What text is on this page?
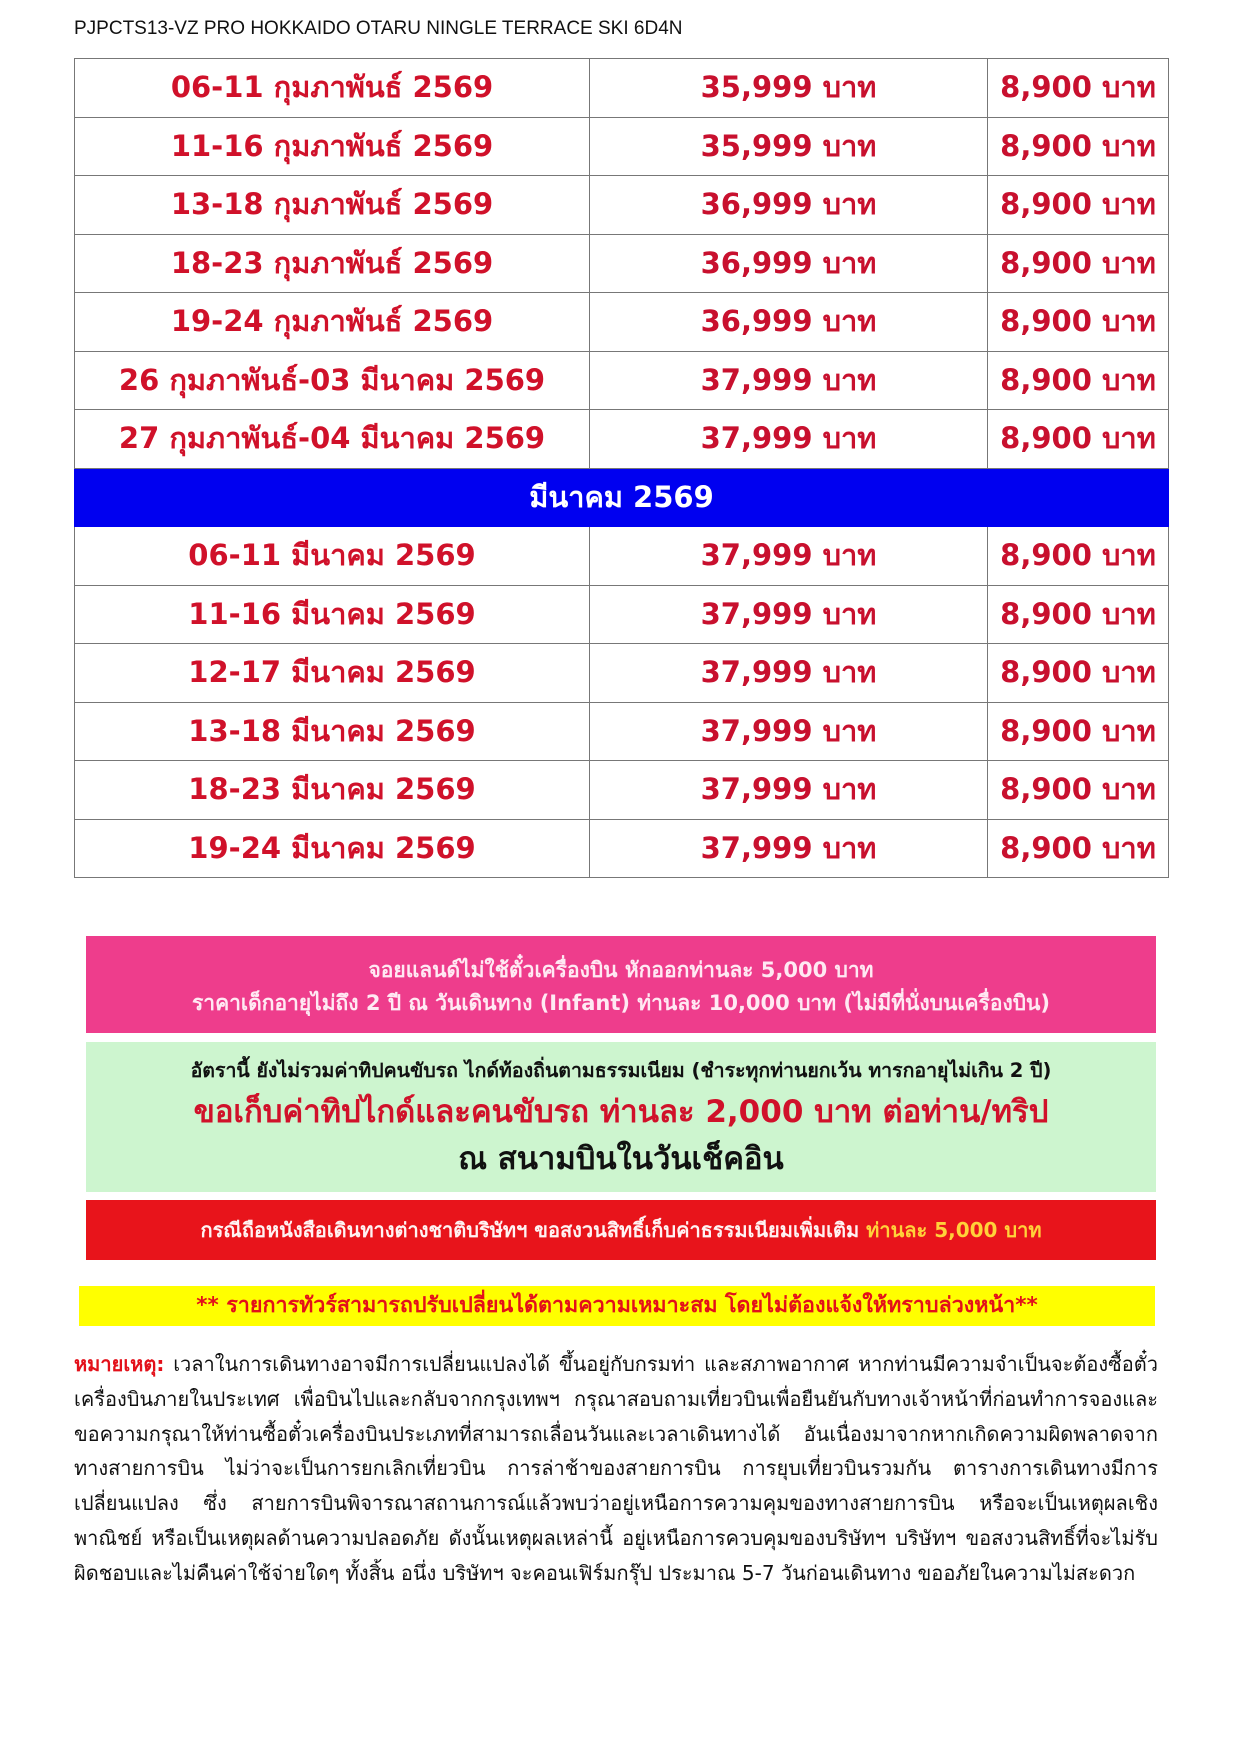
PJPCTS13-VZ PRO HOKKAIDO OTARU NINGLE TERRACE SKI 6D4N
06-11 กุมภาพันธ์ 2569	35,999 บาท	8,900 บาท
11-16 กุมภาพันธ์ 2569	35,999 บาท	8,900 บาท
13-18 กุมภาพันธ์ 2569	36,999 บาท	8,900 บาท
18-23 กุมภาพันธ์ 2569	36,999 บาท	8,900 บาท
19-24 กุมภาพันธ์ 2569	36,999 บาท	8,900 บาท
26 กุมภาพันธ์-03 มีนาคม 2569	37,999 บาท	8,900 บาท
27 กุมภาพันธ์-04 มีนาคม 2569	37,999 บาท	8,900 บาท
มีนาคม 2569		
06-11 มีนาคม 2569	37,999 บาท	8,900 บาท
11-16 มีนาคม 2569	37,999 บาท	8,900 บาท
12-17 มีนาคม 2569	37,999 บาท	8,900 บาท
13-18 มีนาคม 2569	37,999 บาท	8,900 บาท
18-23 มีนาคม 2569	37,999 บาท	8,900 บาท
19-24 มีนาคม 2569	37,999 บาท	8,900 บาท
จอยแลนด์ไม่ใช้ตั๋วเครื่องบิน หักออกท่านละ 5,000 บาท
ราคาเด็กอายุไม่ถึง 2 ปี ณ วันเดินทาง (Infant) ท่านละ 10,000 บาท (ไม่มีที่นั่งบนเครื่องบิน)
อัตรานี้ ยังไม่รวมค่าทิปคนขับรถ ไกด์ท้องถิ่นตามธรรมเนียม (ชำระทุกท่านยกเว้น ทารกอายุไม่เกิน 2 ปี)
ขอเก็บค่าทิปไกด์และคนขับรถ ท่านละ 2,000 บาท ต่อท่าน/ทริป
ณ สนามบินในวันเช็คอิน
กรณีถือหนังสือเดินทางต่างชาติบริษัทฯ ขอสงวนสิทธิ์เก็บค่าธรรมเนียมเพิ่มเติม ท่านละ 5,000 บาท
** รายการทัวร์สามารถปรับเปลี่ยนได้ตามความเหมาะสม โดยไม่ต้องแจ้งให้ทราบล่วงหน้า**
หมายเหตุ: เวลาในการเดินทางอาจมีการเปลี่ยนแปลงได้ ขึ้นอยู่กับกรมท่า และสภาพอากาศ หากท่านมีความจำเป็นจะต้องซื้อตั๋วเครื่องบินภายในประเทศ เพื่อบินไปและกลับจากกรุงเทพฯ กรุณาสอบถามเที่ยวบินเพื่อยืนยันกับทางเจ้าหน้าที่ก่อนทำการจองและขอความกรุณาให้ท่านซื้อตั๋วเครื่องบินประเภทที่สามารถเลื่อนวันและเวลาเดินทางได้ อันเนื่องมาจากหากเกิดความผิดพลาดจากทางสายการบิน ไม่ว่าจะเป็นการยกเลิกเที่ยวบิน การล่าช้าของสายการบิน การยุบเที่ยวบินรวมกัน ตารางการเดินทางมีการเปลี่ยนแปลง ซึ่ง สายการบินพิจารณาสถานการณ์แล้วพบว่าอยู่เหนือการความคุมของทางสายการบิน หรือจะเป็นเหตุผลเชิงพาณิชย์ หรือเป็นเหตุผลด้านความปลอดภัย ดังนั้นเหตุผลเหล่านี้ อยู่เหนือการควบคุมของบริษัทฯ บริษัทฯ ขอสงวนสิทธิ์ที่จะไม่รับผิดชอบและไม่คืนค่าใช้จ่ายใดๆ ทั้งสิ้น อนึ่ง บริษัทฯ จะคอนเฟิร์มกรุ๊ป ประมาณ 5-7 วันก่อนเดินทาง ขออภัยในความไม่สะดวก
